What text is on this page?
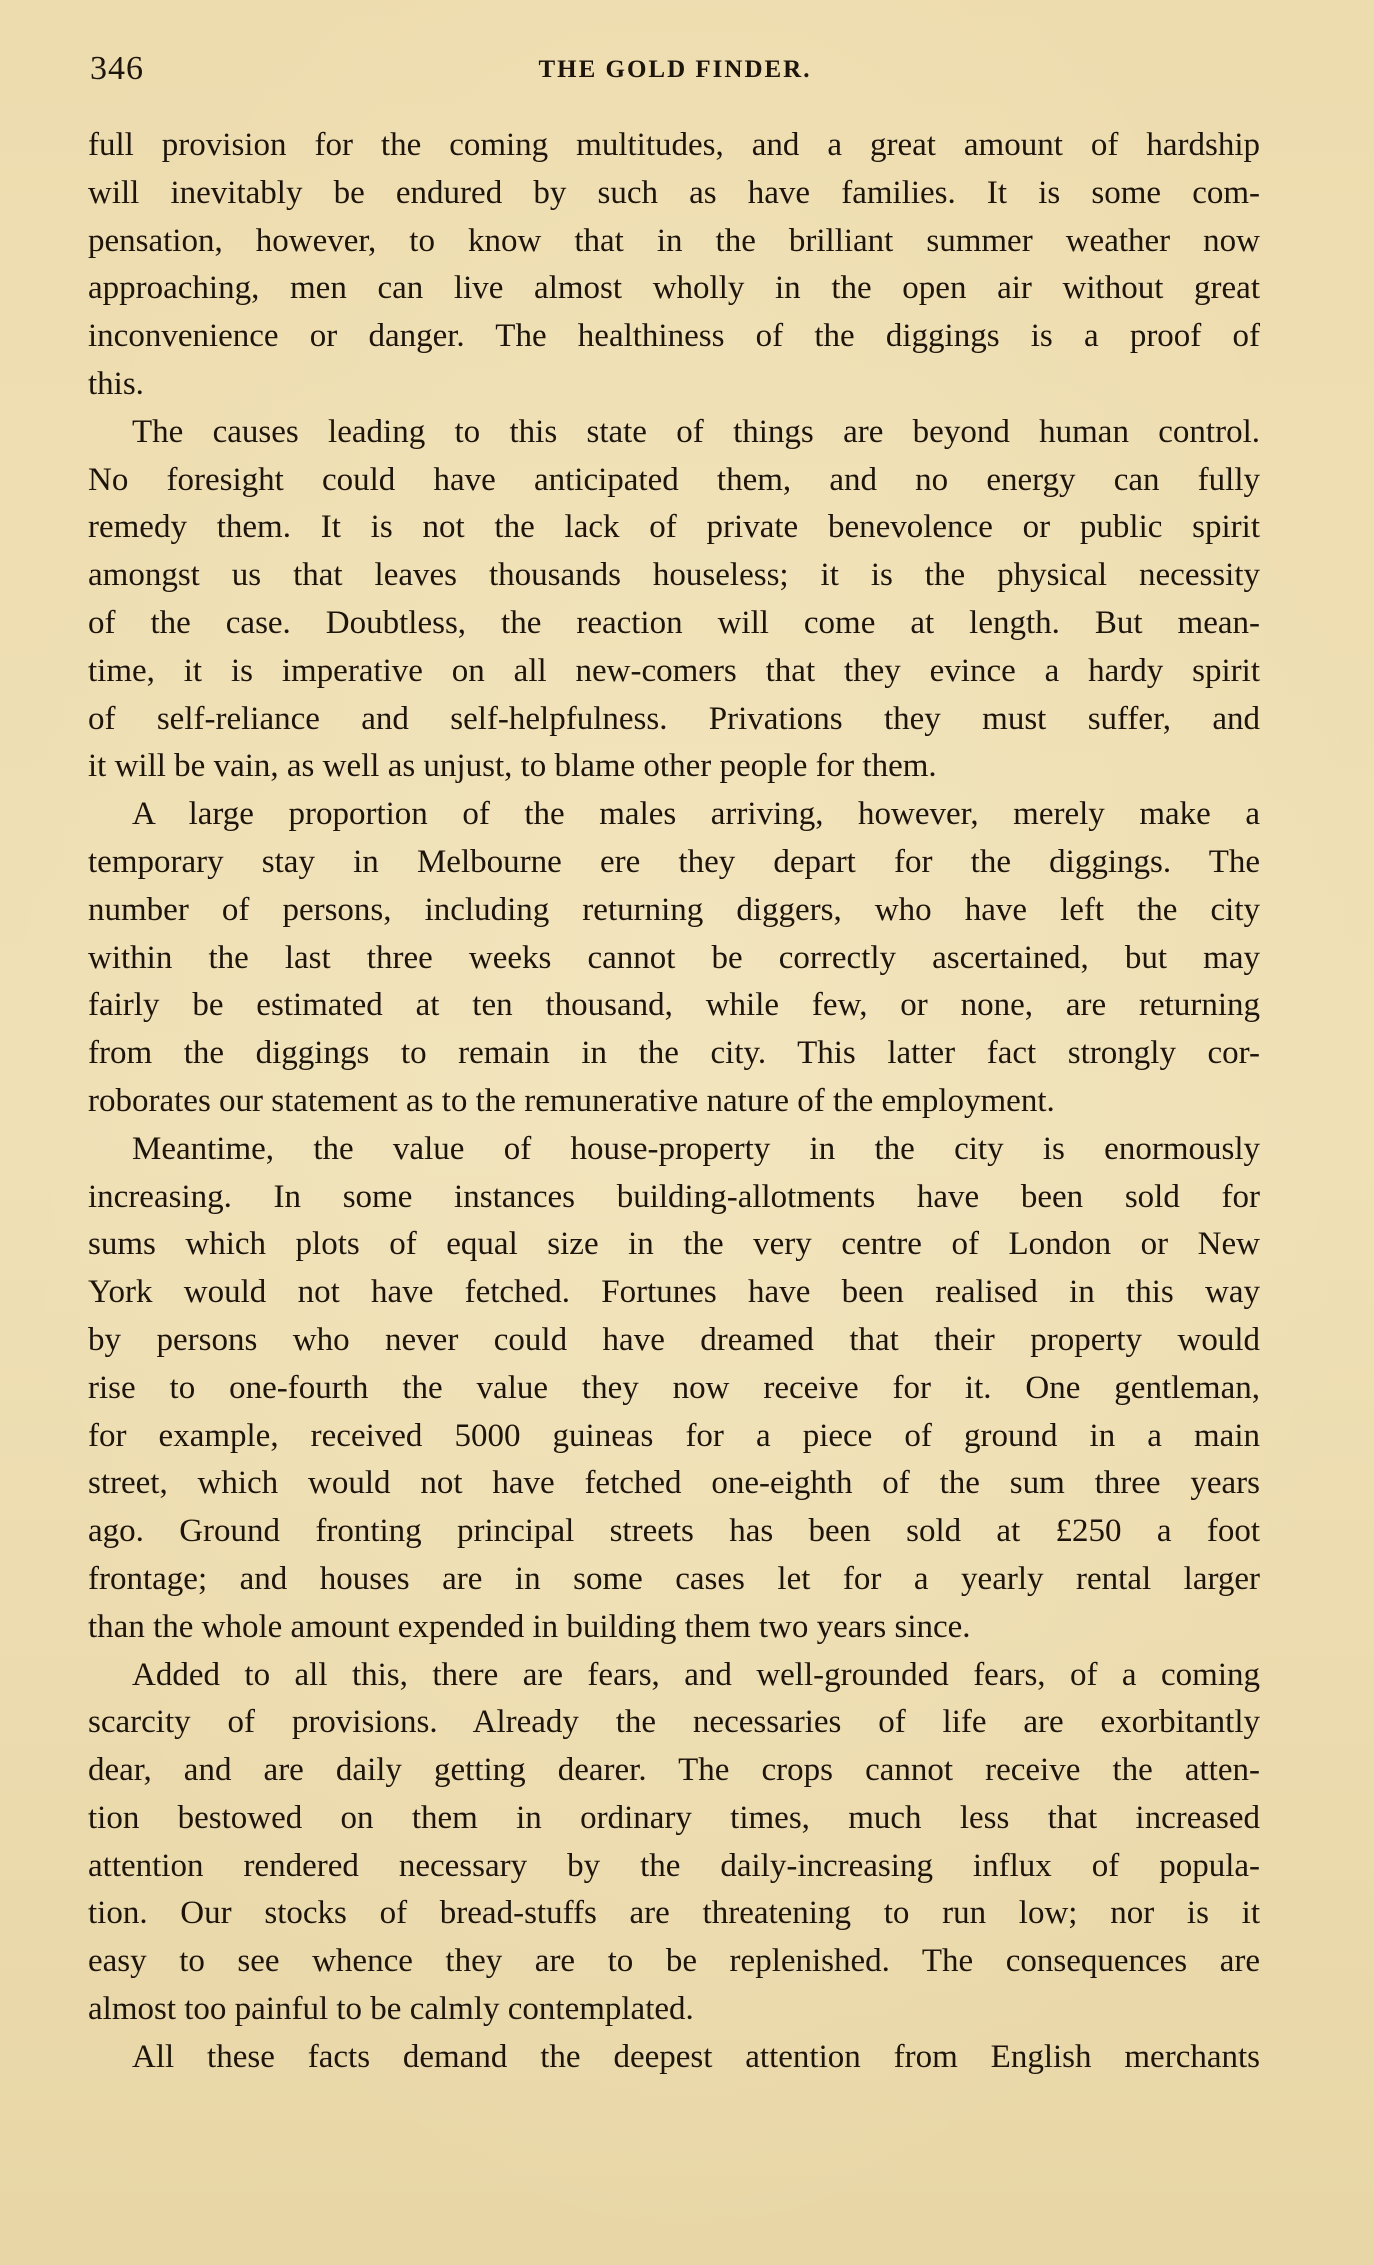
346	THE GOLD FINDER.
full provision for the coming multitudes, and a great amount of hardship
will inevitably be endured by such as have families. It is some com-
pensation, however, to know that in the brilliant summer weather now
approaching, men can live almost wholly in the open air without great
inconvenience or danger. The healthiness of the diggings is a proof of
this.
The causes leading to this state of things are beyond human control.
No foresight could have anticipated them, and no energy can fully
remedy them. It is not the lack of private benevolence or public spirit
amongst us that leaves thousands houseless; it is the physical necessity
of the case. Doubtless, the reaction will come at length. But mean-
time, it is imperative on all new-comers that they evince a hardy spirit
of self-reliance and self-helpfulness. Privations they must suffer, and
it will be vain, as well as unjust, to blame other people for them.
A large proportion of the males arriving, however, merely make a
temporary stay in Melbourne ere they depart for the diggings. The
number of persons, including returning diggers, who have left the city
within the last three weeks cannot be correctly ascertained, but may
fairly be estimated at ten thousand, while few, or none, are returning
from the diggings to remain in the city. This latter fact strongly cor-
roborates our statement as to the remunerative nature of the employment.
Meantime, the value of house-property in the city is enormously
increasing. In some instances building-allotments have been sold for
sums which plots of equal size in the very centre of London or New
York would not have fetched. Fortunes have been realised in this way
by persons who never could have dreamed that their property would
rise to one-fourth the value they now receive for it. One gentleman,
for example, received 5000 guineas for a piece of ground in a main
street, which would not have fetched one-eighth of the sum three years
ago. Ground fronting principal streets has been sold at £250 a foot
frontage; and houses are in some cases let for a yearly rental larger
than the whole amount expended in building them two years since.
Added to all this, there are fears, and well-grounded fears, of a coming
scarcity of provisions. Already the necessaries of life are exorbitantly
dear, and are daily getting dearer. The crops cannot receive the atten-
tion bestowed on them in ordinary times, much less that increased
attention rendered necessary by the daily-increasing influx of popula-
tion. Our stocks of bread-stuffs are threatening to run low; nor is it
easy to see whence they are to be replenished. The consequences are
almost too painful to be calmly contemplated.
All these facts demand the deepest attention from English merchants
